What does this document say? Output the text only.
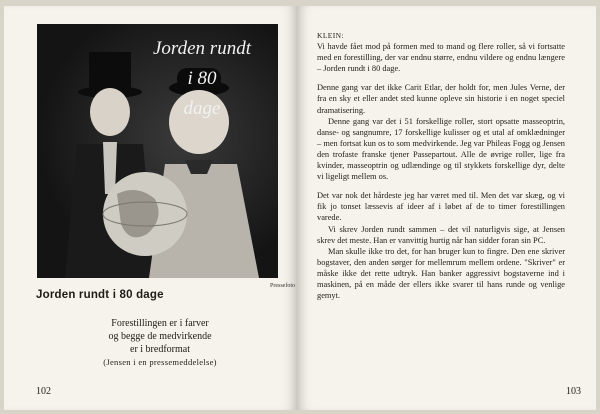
Jorden rundt
i 80
dage
Pressefoto
Jorden rundt i 80 dage
Forestillingen er i farver
og begge de medvirkende
er i bredformat
(Jensen i en pressemeddelelse)
102

KLEIN:

Vi havde fået mod på formen med to mand og flere roller, så vi fortsatte med en forestilling, der var endnu større, endnu vildere og endnu længere – Jorden rundt i 80 dage.

Denne gang var det ikke Carit Etlar, der holdt for, men Jules Verne, der fra en sky et eller andet sted kunne opleve sin historie i en noget speciel dramatisering.

Denne gang var det i 51 forskellige roller, stort opsatte masseoptrin, danse- og sangnumre, 17 forskellige kulisser og et utal af omklædninger – men fortsat kun os to som medvirkende. Jeg var Phileas Fogg og Jensen den trofaste franske tjener Passepartout. Alle de øvrige roller, lige fra kvinder, masseoptrin og udlændinge og til stykkets forskellige dyr, delte vi ligeligt mellem os.

Det var nok det hårdeste jeg har været med til. Men det var skæg, og vi fik jo tonset læssevis af ideer af i løbet af de to timer forestillingen varede.

Vi skrev Jorden rundt sammen – det vil naturligvis sige, at Jensen skrev det meste. Han er vanvittig hurtig når han sidder foran sin PC.

Man skulle ikke tro det, for han bruger kun to fingre. Den ene skriver bogstaver, den anden sørger for mellemrum mellem ordene. "Skriver" er måske ikke det rette udtryk. Han banker aggressivt bogstaverne ind i maskinen, på en måde der ellers ikke svarer til hans runde og venlige gemyt.

103
